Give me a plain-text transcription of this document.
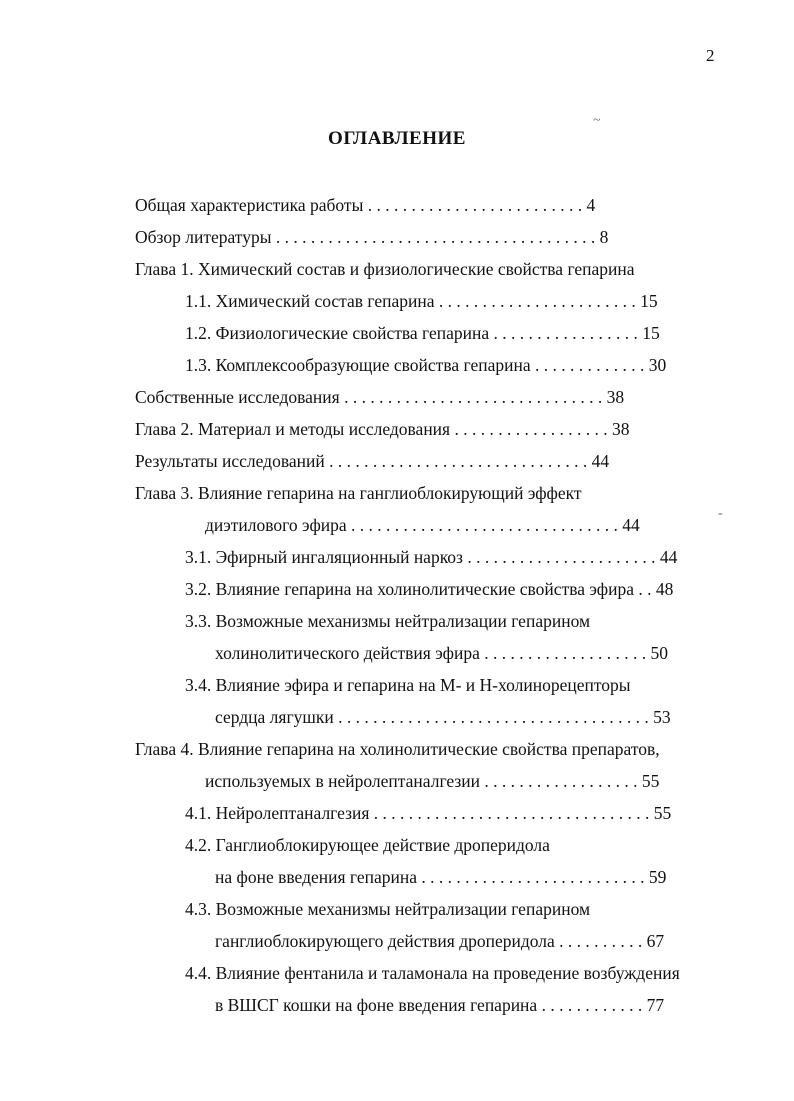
2
ОГЛАВЛЕНИЕ
~
-
Общая характеристика работы . . . . . . . . . . . . . . . . . . . . . . . . . 4
Обзор литературы . . . . . . . . . . . . . . . . . . . . . . . . . . . . . . . . . . . . . 8
Глава 1. Химический состав и физиологические свойства гепарина
1.1. Химический состав гепарина . . . . . . . . . . . . . . . . . . . . . . . 15
1.2. Физиологические свойства гепарина . . . . . . . . . . . . . . . . . 15
1.3. Комплексообразующие свойства гепарина . . . . . . . . . . . . . 30
Собственные исследования . . . . . . . . . . . . . . . . . . . . . . . . . . . . . . 38
Глава 2. Материал и методы исследования . . . . . . . . . . . . . . . . . . 38
Результаты исследований . . . . . . . . . . . . . . . . . . . . . . . . . . . . . . 44
Глава 3. Влияние гепарина на ганглиоблокирующий эффект
диэтилового эфира . . . . . . . . . . . . . . . . . . . . . . . . . . . . . . . 44
3.1. Эфирный ингаляционный наркоз . . . . . . . . . . . . . . . . . . . . . . 44
3.2. Влияние гепарина на холинолитические свойства эфира . . 48
3.3. Возможные механизмы нейтрализации гепарином
холинолитического действия эфира . . . . . . . . . . . . . . . . . . . 50
3.4. Влияние эфира и гепарина на М- и Н-холинорецепторы
сердца лягушки . . . . . . . . . . . . . . . . . . . . . . . . . . . . . . . . . . . . 53
Глава 4. Влияние гепарина на холинолитические свойства препаратов,
используемых в нейролептаналгезии . . . . . . . . . . . . . . . . . . 55
4.1. Нейролептаналгезия . . . . . . . . . . . . . . . . . . . . . . . . . . . . . . . . 55
4.2. Ганглиоблокирующее действие дроперидола
на фоне введения гепарина . . . . . . . . . . . . . . . . . . . . . . . . . . 59
4.3. Возможные механизмы нейтрализации гепарином
ганглиоблокирующего действия дроперидола . . . . . . . . . . 67
4.4. Влияние фентанила и таламонала на проведение возбуждения
в ВШСГ кошки на фоне введения гепарина . . . . . . . . . . . . 77
